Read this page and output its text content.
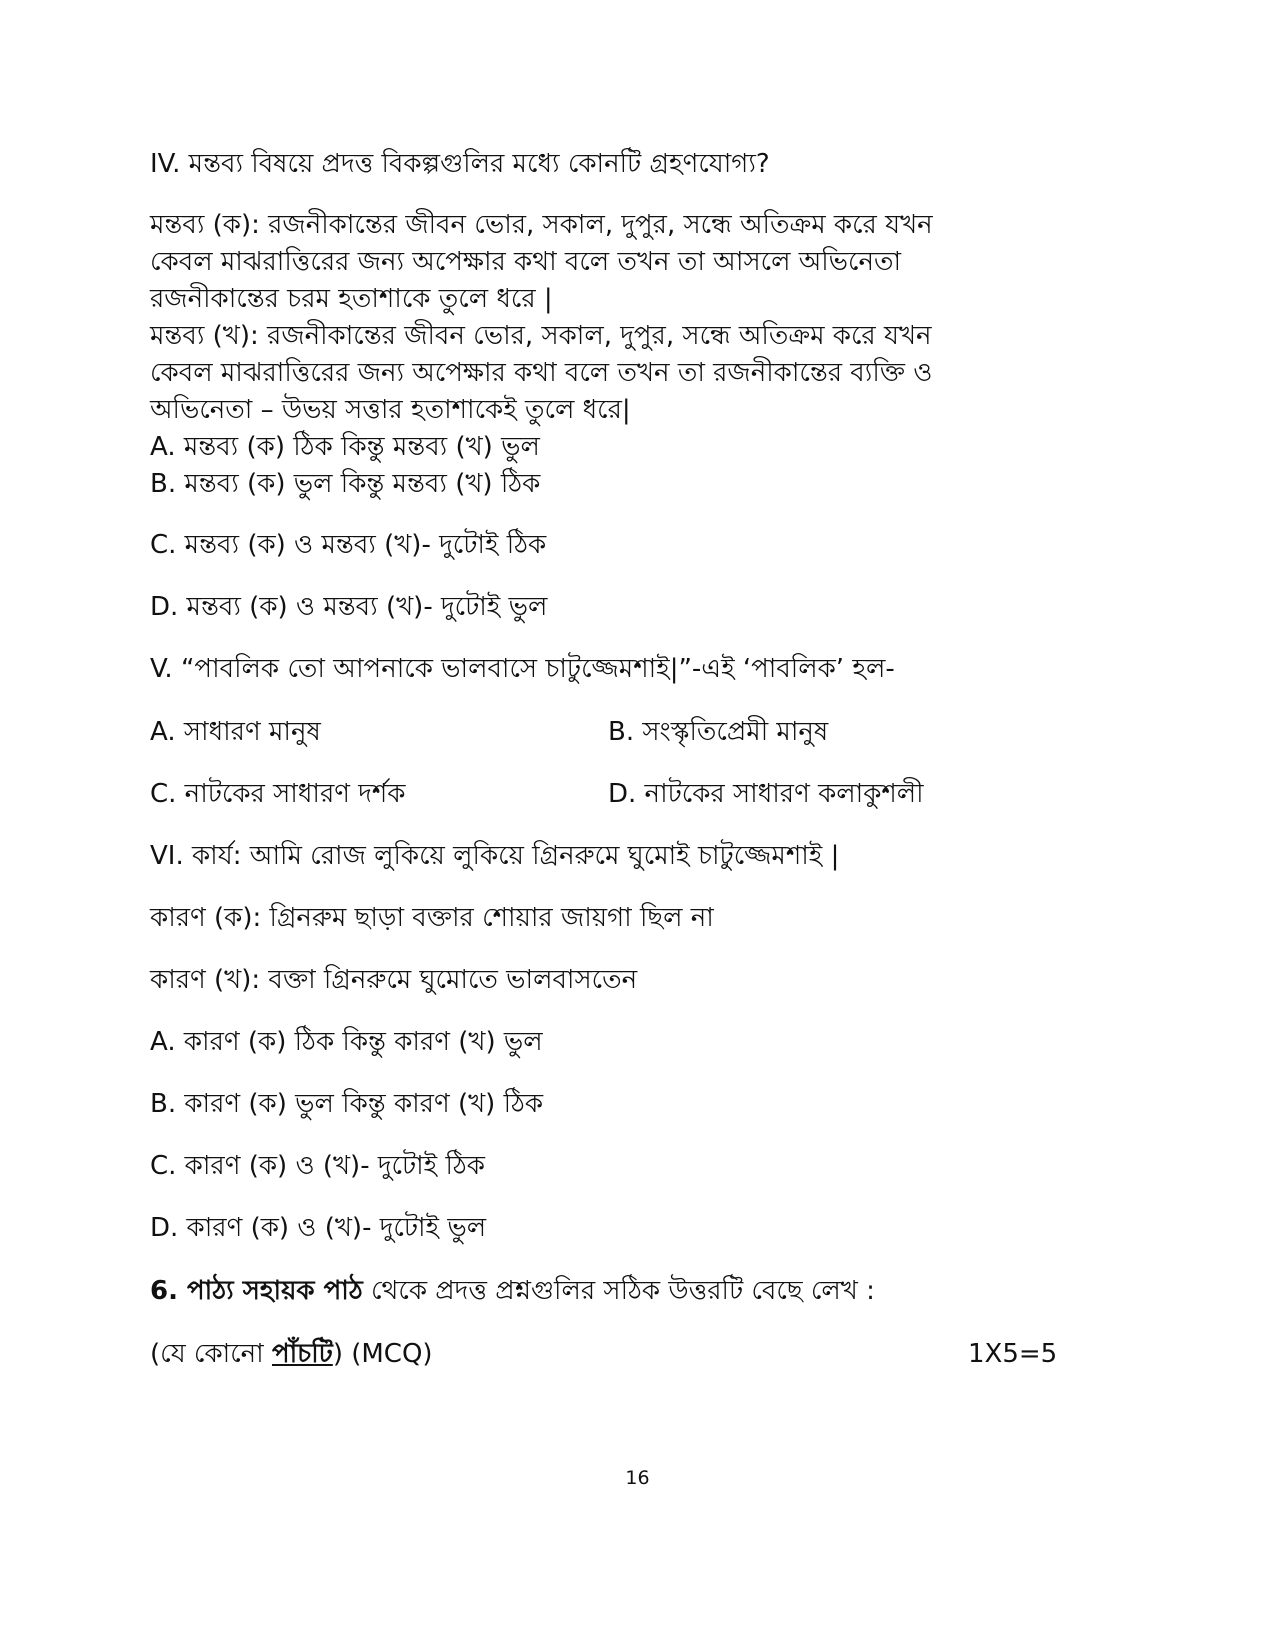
IV. মন্তব্য বিষয়ে প্রদত্ত বিকল্পগুলির মধ্যে কোনটি গ্রহণযোগ্য?
মন্তব্য (ক): রজনীকান্তের জীবন ভোর, সকাল, দুপুর, সন্ধে অতিক্রম করে যখন
কেবল মাঝরাত্তিরের জন্য অপেক্ষার কথা বলে তখন তা আসলে অভিনেতা
রজনীকান্তের চরম হতাশাকে তুলে ধরে |
মন্তব্য (খ): রজনীকান্তের জীবন ভোর, সকাল, দুপুর, সন্ধে অতিক্রম করে যখন
কেবল মাঝরাত্তিরের জন্য অপেক্ষার কথা বলে তখন তা রজনীকান্তের ব্যক্তি ও
অভিনেতা – উভয় সত্তার হতাশাকেই তুলে ধরে|
A. মন্তব্য (ক) ঠিক কিন্তু মন্তব্য (খ) ভুল
B. মন্তব্য (ক) ভুল কিন্তু মন্তব্য (খ) ঠিক
C. মন্তব্য (ক) ও মন্তব্য (খ)- দুটোই ঠিক
D. মন্তব্য (ক) ও মন্তব্য (খ)- দুটোই ভুল
V. “পাবলিক তো আপনাকে ভালবাসে চাটুজ্জেমশাই|”-এই ‘পাবলিক’ হল-
A. সাধারণ মানুষ	B. সংস্কৃতিপ্রেমী মানুষ
C. নাটকের সাধারণ দর্শক	D. নাটকের সাধারণ কলাকুশলী
VI. কার্য: আমি রোজ লুকিয়ে লুকিয়ে গ্রিনরুমে ঘুমোই চাটুজ্জেমশাই |
কারণ (ক): গ্রিনরুম ছাড়া বক্তার শোয়ার জায়গা ছিল না
কারণ (খ): বক্তা গ্রিনরুমে ঘুমোতে ভালবাসতেন
A. কারণ (ক) ঠিক কিন্তু কারণ (খ) ভুল
B. কারণ (ক) ভুল কিন্তু কারণ (খ) ঠিক
C. কারণ (ক) ও (খ)- দুটোই ঠিক
D. কারণ (ক) ও (খ)- দুটোই ভুল
6. পাঠ্য সহায়ক পাঠ থেকে প্রদত্ত প্রশ্নগুলির সঠিক উত্তরটি বেছে লেখ :
(যে কোনো পাঁচটি) (MCQ)	1X5=5
16
